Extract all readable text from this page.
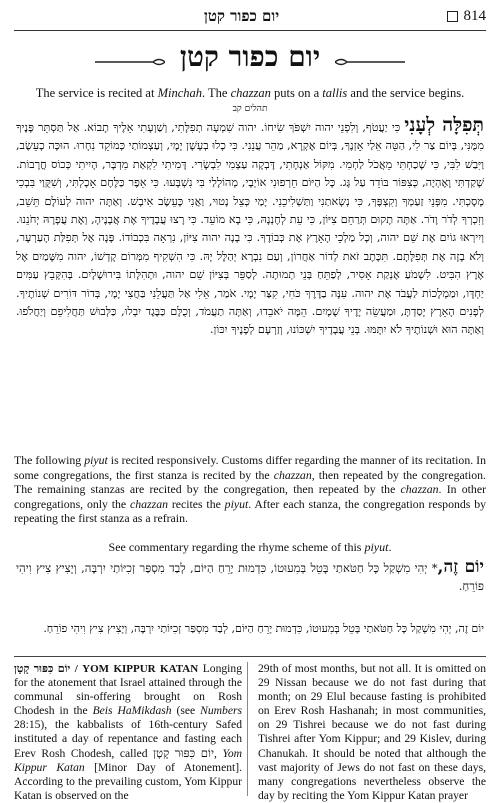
יום כפור קטן	814
יום כפור קטן
The service is recited at Minchah. The chazzan puts on a tallis and the service begins.
תהלים קב
תְּפִלָּה לְעָנִי כִּי יַעֲטֹף, וְלִפְנֵי יהוה יִשְׁפֹּךְ שִׂיחוֹ. יהוה שִׁמְעָה תְפִלָּתִי, וְשַׁוְעָתִי אֵלֶיךָ תָבוֹא. אַל תַּסְתֵּר פָּנֶיךָ מִמֶּנִּי, בְּיוֹם צַר לִי, הַטֵּה אֵלַי אָזְנֶךָ, בְּיוֹם אֶקְרָא, מַהֵר עֲנֵנִי. כִּי כָלוּ בְעָשָׁן יָמָי, וְעַצְמוֹתַי כְּמוֹקֵד נִחָרוּ. הוּכָּה כָעֵשֶׂב, וַיִּבַשׁ לִבִּי, כִּי שָׁכַחְתִּי מֵאֲכֹל לַחְמִי. מִקּוֹל אַנְחָתִי, דָּבְקָה עַצְמִי לִבְשָׂרִי. דָּמִיתִי לִקְאַת מִדְבָּר, הָיִיתִי כְּכוֹס חֳרָבוֹת. שָׁקַדְתִּי וָאֶהְיֶה, כְּצִפּוֹר בּוֹדֵד עַל גָּג. כָּל הַיּוֹם חֵרְפוּנִי אוֹיְבָי, מְהוֹלָלַי בִּי נִשְׁבָּעוּ. כִּי אֵפֶר כַּלֶּחֶם אָכָלְתִּי, וְשִׁקֻּוַי בִּבְכִי מָסָכְתִּי. מִפְּנֵי זַעַמְךָ וְקִצְפֶּךָ, כִּי נְשָׂאתַנִי וַתַּשְׁלִיכֵנִי. יָמַי כְּצֵל נָטוּי, וַאֲנִי כָּעֵשֶׂב אִיבָשׁ. וְאַתָּה יהוה לְעוֹלָם תֵּשֵׁב, וְזִכְרְךָ לְדֹר וָדֹר. אַתָּה תָקוּם תְּרַחֵם צִיּוֹן, כִּי עֵת לְחֶנְנָהּ, כִּי בָא מוֹעֵד. כִּי רָצוּ עֲבָדֶיךָ אֶת אֲבָנֶיהָ, וְאֶת עֲפָרָהּ יְחֹנֵנוּ. וְיִירְאוּ גוֹיִם אֶת שֵׁם יהוה, וְכָל מַלְכֵי הָאָרֶץ אֶת כְּבוֹדֶךָ. כִּי בָנָה יהוה צִיּוֹן, נִרְאָה בִּכְבוֹדוֹ. פָּנָה אֶל תְּפִלַּת הָעַרְעָר, וְלֹא בָזָה אֶת תְּפִלָּתָם. תִּכָּתֶב זֹאת לְדוֹר אַחֲרוֹן, וְעַם נִבְרָא יְהַלֶּל יָהּ. כִּי הִשְׁקִיף מִמְּרוֹם קָדְשׁוֹ, יהוה מִשָּׁמַיִם אֶל אֶרֶץ הִבִּיט. לִשְׁמֹעַ אֶנְקַת אָסִיר, לְפַתֵּחַ בְּנֵי תְמוּתָה. לְסַפֵּר בְּצִיּוֹן שֵׁם יהוה, וּתְהִלָּתוֹ בִּירוּשָׁלָיִם. בְּהִקָּבֵץ עַמִּים יַחְדָּו, וּמַמְלָכוֹת לַעֲבֹד אֶת יהוה. עִנָּה בַדֶּרֶךְ כֹּחִי, קִצַּר יָמָי. אֹמַר, אֵלִי אַל תַּעֲלֵנִי בַּחֲצִי יָמָי, בְּדוֹר דּוֹרִים שְׁנוֹתֶיךָ. לְפָנִים הָאָרֶץ יָסַדְתָּ, וּמַעֲשֵׂה יָדֶיךָ שָׁמָיִם. הֵמָּה יֹאבֵדוּ, וְאַתָּה תַעֲמֹד, וְכֻלָּם כַּבֶּגֶד יִבְלוּ, כַּלְּבוּשׁ תַּחֲלִיפֵם וְיַחֲלֹפוּ. וְאַתָּה הוּא וּשְׁנוֹתֶיךָ לֹא יִתָּמּוּ. בְּנֵי עֲבָדֶיךָ יִשְׁכּוֹנוּ, וְזַרְעָם לְפָנֶיךָ יִכּוֹן.
The following piyut is recited responsively. Customs differ regarding the manner of its recitation. In some congregations, the first stanza is recited by the chazzan, then repeated by the congregation. The remaining stanzas are recited by the congregation, then repeated by the chazzan. In other congregations, only the chazzan recites the piyut. After each stanza, the congregation responds by repeating the first stanza as a refrain.
See commentary regarding the rhyme scheme of this piyut.
יוֹם זֶה,* יְהִי מִשְׁקַל כָּל חַטֹּאתַי בָּטֵל בְּמִעוּטוֹ, כִּדְמוּת יָרֵחַ הַיּוֹם, לְבַד מִסְפַּר זְכִיּוֹתַי יִרְבֶּה, וְיָצִיץ צִיץ וִיהִי פוֹרֵחַ.
יוֹם זֶה, יְהִי מִשְׁקַל כָּל חַטֹּאתַי בָּטֵל בְּמִעוּטוֹ, כִּדְמוּת יָרֵחַ הַיּוֹם, לְבַד מִסְפַּר זְכִיּוֹתַי יִרְבֶּה, וְיָצִיץ צִיץ וִיהִי פוֹרֵחַ.
יוֹם כִּפּוּר קָטָן / YOM KIPPUR KATAN Longing for the atonement that Israel attained through the communal sin-offering brought on Rosh Chodesh in the Beis HaMikdash (see Numbers 28:15), the kabbalists of 16th-century Safed instituted a day of repentance and fasting each Erev Rosh Chodesh, called יוֹם כִּפּוּר קָטָן, Yom Kippur Katan [Minor Day of Atonement]. According to the prevailing custom, Yom Kippur Katan is observed on the
29th of most months, but not all. It is omitted on 29 Nissan because we do not fast during that month; on 29 Elul because fasting is prohibited on Erev Rosh Hashanah; in most communities, on 29 Tishrei because we do not fast during Tishrei after Yom Kippur; and 29 Kislev, during Chanukah. It should be noted that although the vast majority of Jews do not fast on these days, many congregations nevertheless observe the day by reciting the Yom Kippur Katan prayer
